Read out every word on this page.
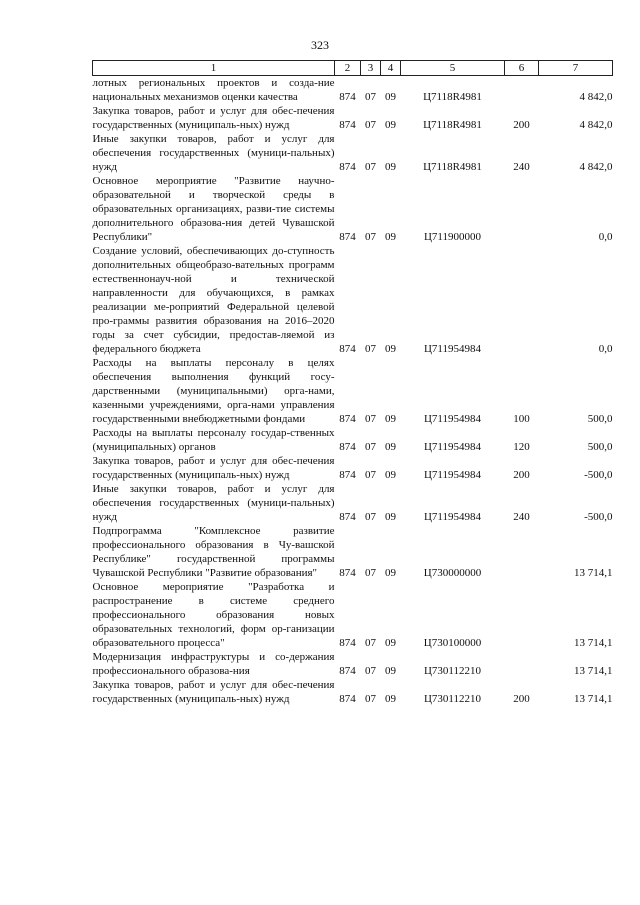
323
1	2	3	4	5	6	7
лотных региональных проектов и созда-ние национальных механизмов оценки качества	874	07	09	Ц7118R4981		4 842,0
Закупка товаров, работ и услуг для обес-печения государственных (муниципаль-ных) нужд	874	07	09	Ц7118R4981	200	4 842,0
Иные закупки товаров, работ и услуг для обеспечения государственных (муници-пальных) нужд	874	07	09	Ц7118R4981	240	4 842,0
Основное мероприятие "Развитие научно-образовательной и творческой среды в образовательных организациях, разви-тие системы дополнительного образова-ния детей Чувашской Республики"	874	07	09	Ц711900000		0,0
Создание условий, обеспечивающих до-ступность дополнительных общеобразо-вательных программ естественнонауч-ной и технической направленности для обучающихся, в рамках реализации ме-роприятий Федеральной целевой про-граммы развития образования на 2016–2020 годы за счет субсидии, предостав-ляемой из федерального бюджета	874	07	09	Ц711954984		0,0
Расходы на выплаты персоналу в целях обеспечения выполнения функций госу-дарственными (муниципальными) орга-нами, казенными учреждениями, орга-нами управления государственными внебюджетными фондами	874	07	09	Ц711954984	100	500,0
Расходы на выплаты персоналу государ-ственных (муниципальных) органов	874	07	09	Ц711954984	120	500,0
Закупка товаров, работ и услуг для обес-печения государственных (муниципаль-ных) нужд	874	07	09	Ц711954984	200	-500,0
Иные закупки товаров, работ и услуг для обеспечения государственных (муници-пальных) нужд	874	07	09	Ц711954984	240	-500,0
Подпрограмма "Комплексное развитие профессионального образования в Чу-вашской Республике" государственной программы Чувашской Республики "Развитие образования"	874	07	09	Ц730000000		13 714,1
Основное мероприятие "Разработка и распространение в системе среднего профессионального образования новых образовательных технологий, форм ор-ганизации образовательного процесса"	874	07	09	Ц730100000		13 714,1
Модернизация инфраструктуры и со-держания профессионального образова-ния	874	07	09	Ц730112210		13 714,1
Закупка товаров, работ и услуг для обес-печения государственных (муниципаль-ных) нужд	874	07	09	Ц730112210	200	13 714,1
